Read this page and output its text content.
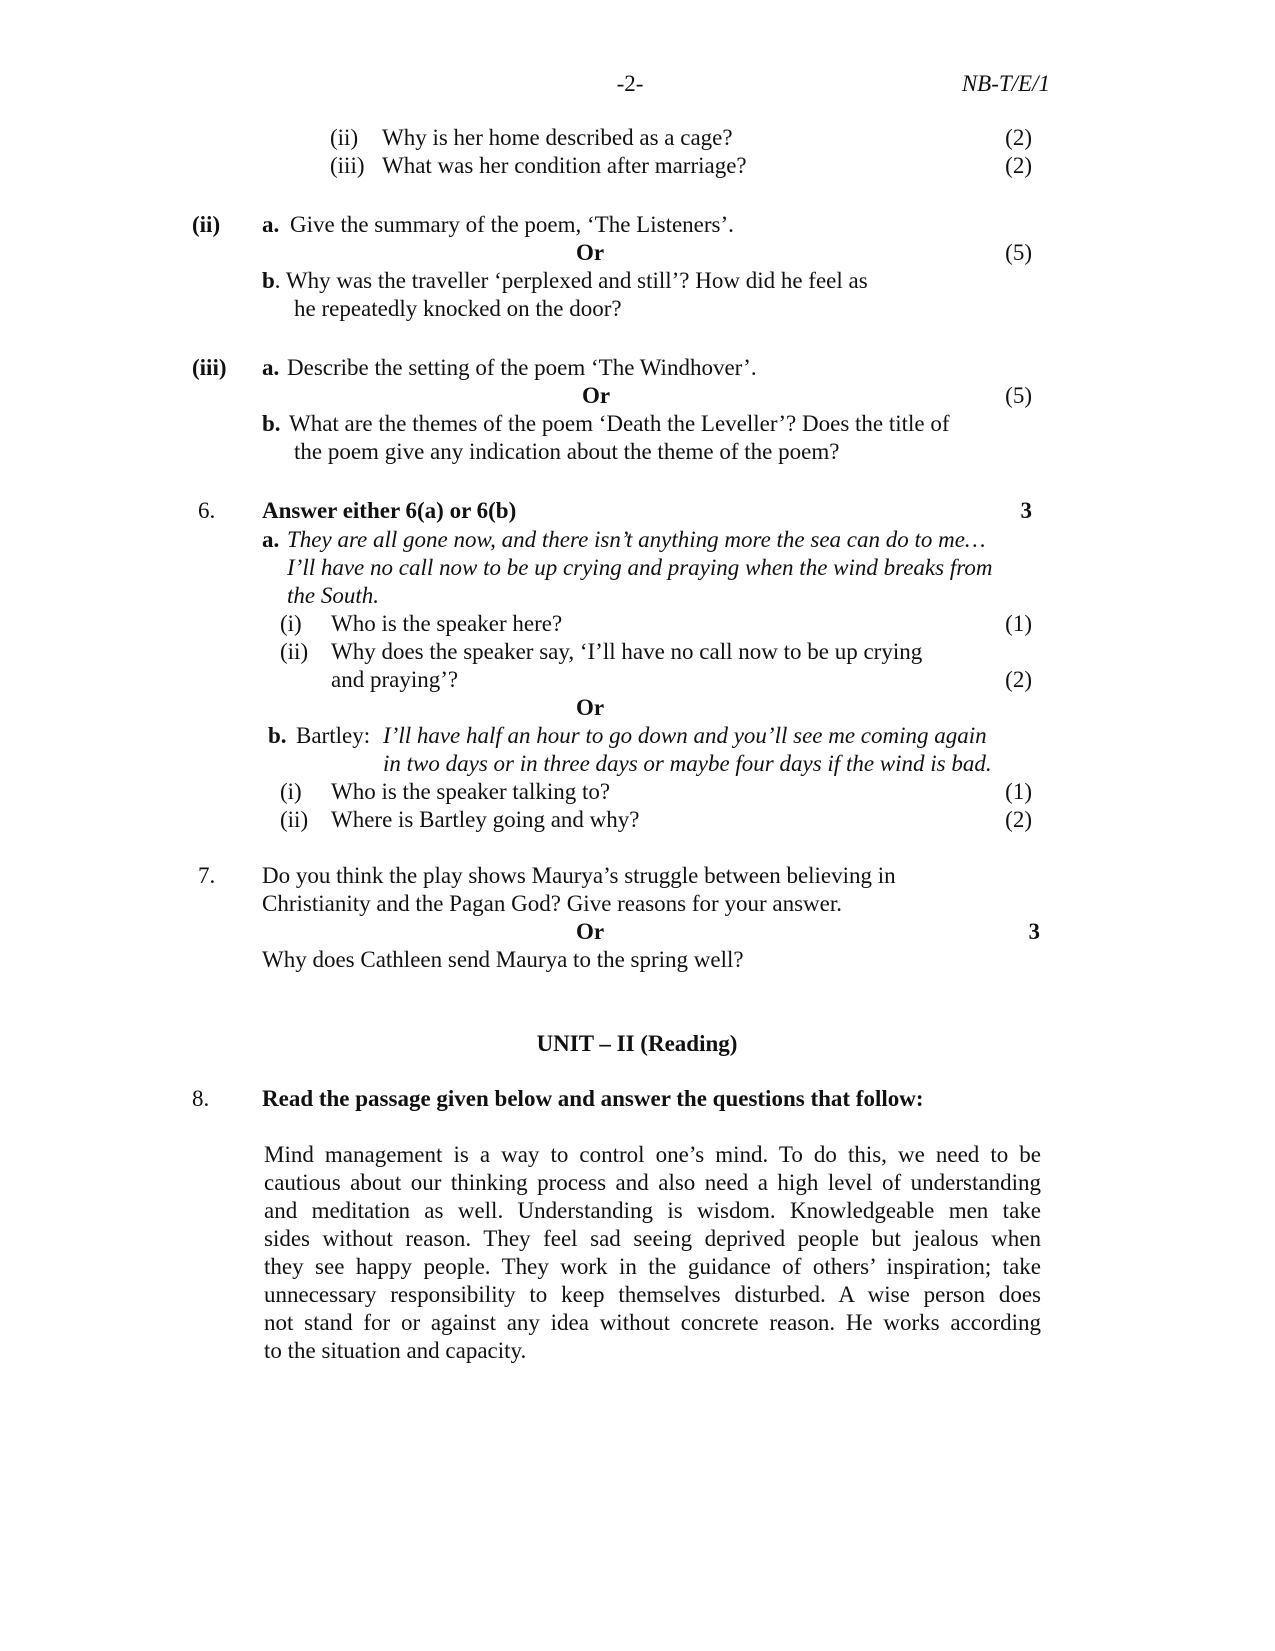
-2-	NB-T/E/1
(ii) Why is her home described as a cage?	(2)
(iii) What was her condition after marriage?	(2)
(ii) a. Give the summary of the poem, ‘The Listeners’.
Or	(5)
b. Why was the traveller ‘perplexed and still’? How did he feel as
he repeatedly knocked on the door?
(iii) a. Describe the setting of the poem ‘The Windhover’.
Or	(5)
b. What are the themes of the poem ‘Death the Leveller’? Does the title of
the poem give any indication about the theme of the poem?
6. Answer either 6(a) or 6(b)	3
a. They are all gone now, and there isn’t anything more the sea can do to me…
I’ll have no call now to be up crying and praying when the wind breaks from
the South.
(i) Who is the speaker here?	(1)
(ii) Why does the speaker say, ‘I’ll have no call now to be up crying
and praying’?	(2)
Or
b. Bartley: I’ll have half an hour to go down and you’ll see me coming again
in two days or in three days or maybe four days if the wind is bad.
(i) Who is the speaker talking to?	(1)
(ii) Where is Bartley going and why?	(2)
7. Do you think the play shows Maurya’s struggle between believing in
Christianity and the Pagan God? Give reasons for your answer.
Or	3
Why does Cathleen send Maurya to the spring well?
UNIT – II (Reading)
8. Read the passage given below and answer the questions that follow:
Mind management is a way to control one’s mind. To do this, we need to be
cautious about our thinking process and also need a high level of understanding
and meditation as well. Understanding is wisdom. Knowledgeable men take
sides without reason. They feel sad seeing deprived people but jealous when
they see happy people. They work in the guidance of others’ inspiration; take
unnecessary responsibility to keep themselves disturbed. A wise person does
not stand for or against any idea without concrete reason. He works according
to the situation and capacity.
